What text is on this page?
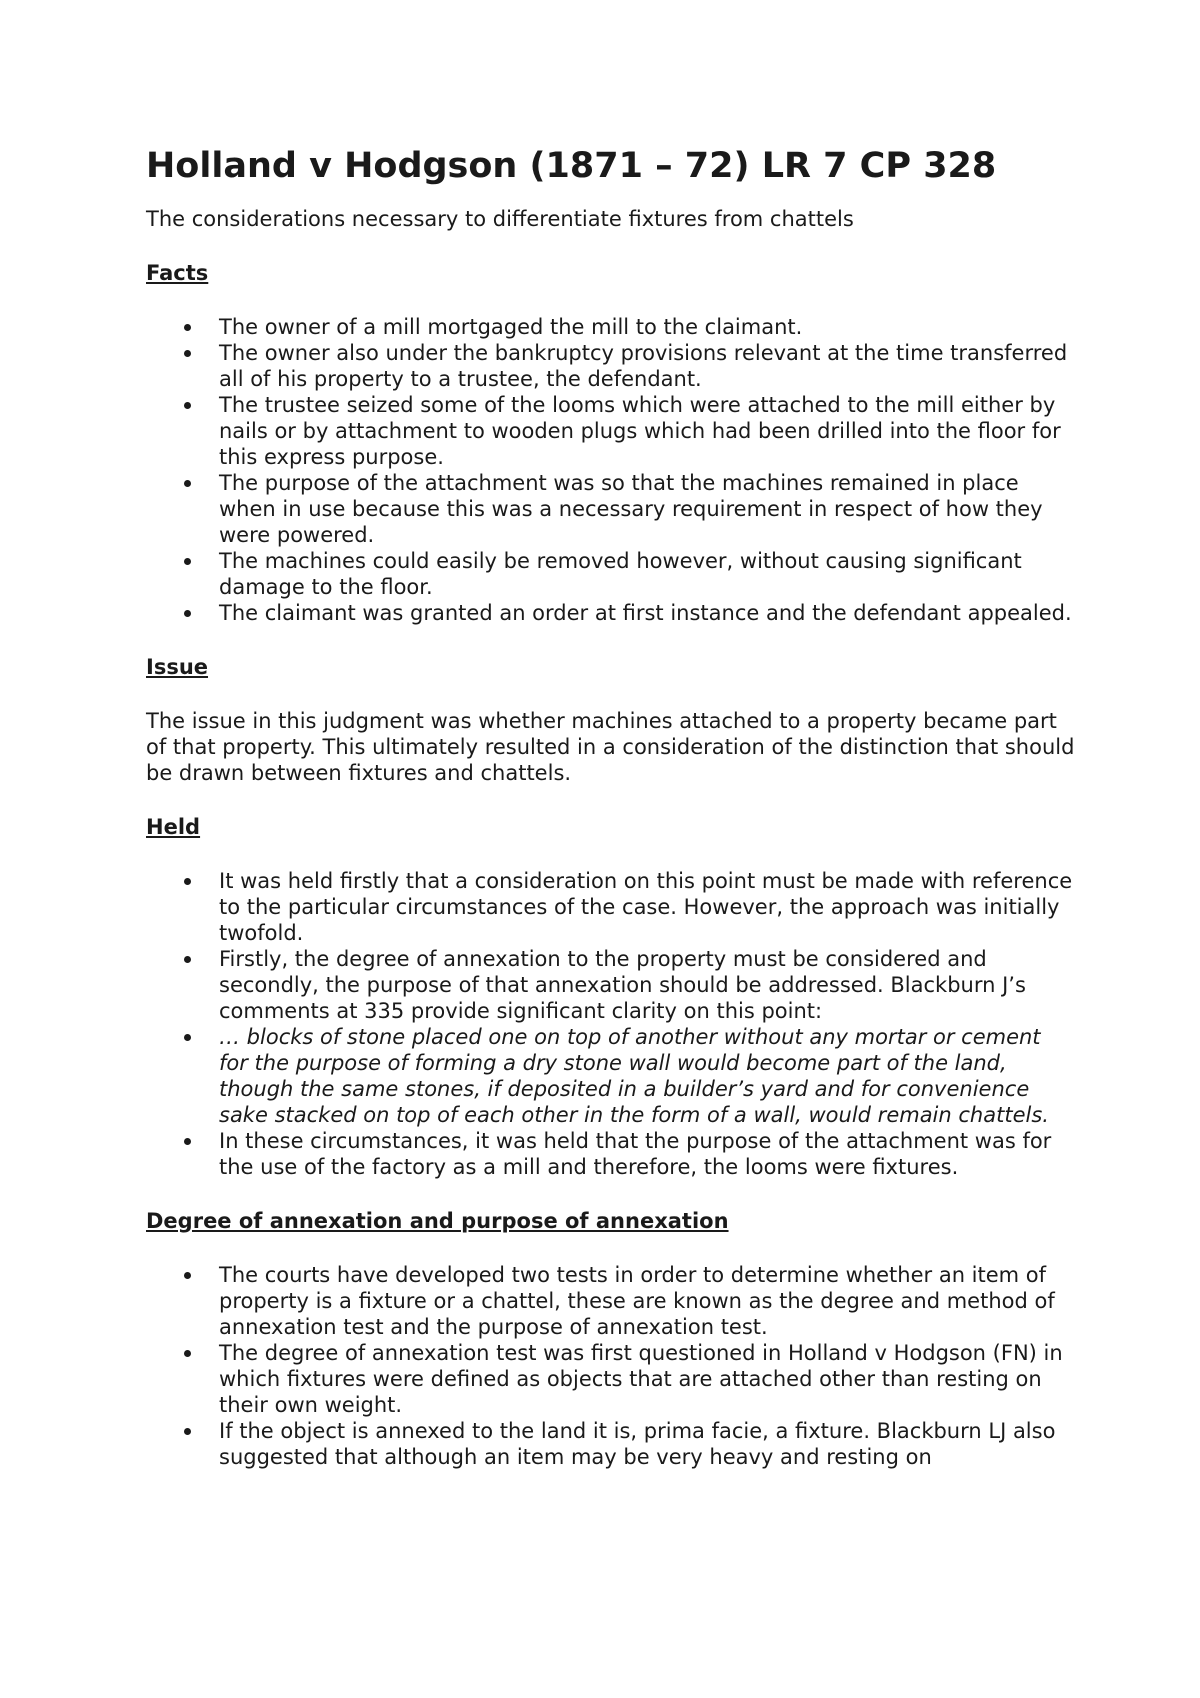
Holland v Hodgson (1871 – 72) LR 7 CP 328

The considerations necessary to differentiate fixtures from chattels

Facts
The owner of a mill mortgaged the mill to the claimant.
The owner also under the bankruptcy provisions relevant at the time transferred all of his property to a trustee, the defendant.
The trustee seized some of the looms which were attached to the mill either by nails or by attachment to wooden plugs which had been drilled into the floor for this express purpose.
The purpose of the attachment was so that the machines remained in place when in use because this was a necessary requirement in respect of how they were powered.
The machines could easily be removed however, without causing significant damage to the floor.
The claimant was granted an order at first instance and the defendant appealed.
Issue

The issue in this judgment was whether machines attached to a property became part of that property. This ultimately resulted in a consideration of the distinction that should be drawn between fixtures and chattels.

Held
It was held firstly that a consideration on this point must be made with reference to the particular circumstances of the case. However, the approach was initially twofold.
Firstly, the degree of annexation to the property must be considered and secondly, the purpose of that annexation should be addressed. Blackburn J’s comments at 335 provide significant clarity on this point:
… blocks of stone placed one on top of another without any mortar or cement for the purpose of forming a dry stone wall would become part of the land, though the same stones, if deposited in a builder’s yard and for convenience sake stacked on top of each other in the form of a wall, would remain chattels.
In these circumstances, it was held that the purpose of the attachment was for the use of the factory as a mill and therefore, the looms were fixtures.
Degree of annexation and purpose of annexation
The courts have developed two tests in order to determine whether an item of property is a fixture or a chattel, these are known as the degree and method of annexation test and the purpose of annexation test.
The degree of annexation test was first questioned in Holland v Hodgson (FN) in which fixtures were defined as objects that are attached other than resting on their own weight.
If the object is annexed to the land it is, prima facie, a fixture. Blackburn LJ also suggested that although an item may be very heavy and resting on
